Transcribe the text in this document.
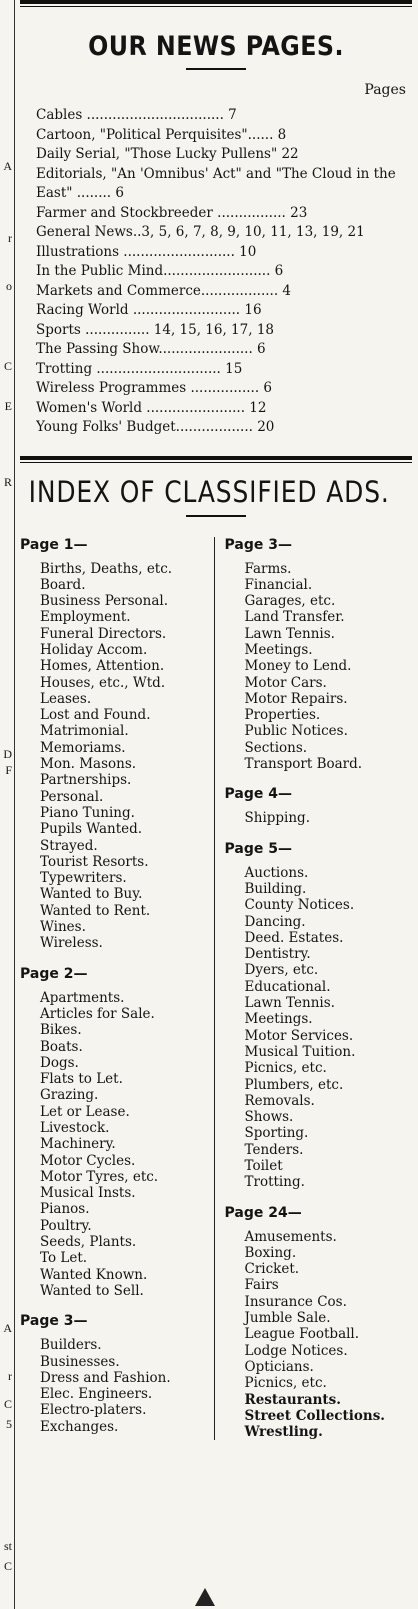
A
r
o
C
E
R
D
F
A
r
C
5
st
C
OUR NEWS PAGES.
Pages
Cables ................................ 7
Cartoon, "Political Perquisites"...... 8
Daily Serial, "Those Lucky Pullens" 22
Editorials, "An 'Omnibus' Act" and "The Cloud in the East" ........ 6
Farmer and Stockbreeder ................ 23
General News..3, 5, 6, 7, 8, 9, 10, 11, 13, 19, 21
Illustrations .......................... 10
In the Public Mind......................... 6
Markets and Commerce.................. 4
Racing World ......................... 16
Sports ............... 14, 15, 16, 17, 18
The Passing Show...................... 6
Trotting ............................. 15
Wireless Programmes ................ 6
Women's World ....................... 12
Young Folks' Budget.................. 20
INDEX OF CLASSIFIED ADS.
Page 1—
Births, Deaths, etc.
Board.
Business Personal.
Employment.
Funeral Directors.
Holiday Accom.
Homes, Attention.
Houses, etc., Wtd.
Leases.
Lost and Found.
Matrimonial.
Memoriams.
Mon. Masons.
Partnerships.
Personal.
Piano Tuning.
Pupils Wanted.
Strayed.
Tourist Resorts.
Typewriters.
Wanted to Buy.
Wanted to Rent.
Wines.
Wireless.
Page 2—
Apartments.
Articles for Sale.
Bikes.
Boats.
Dogs.
Flats to Let.
Grazing.
Let or Lease.
Livestock.
Machinery.
Motor Cycles.
Motor Tyres, etc.
Musical Insts.
Pianos.
Poultry.
Seeds, Plants.
To Let.
Wanted Known.
Wanted to Sell.
Page 3—
Builders.
Businesses.
Dress and Fashion.
Elec. Engineers.
Electro-platers.
Exchanges.
Page 3—
Farms.
Financial.
Garages, etc.
Land Transfer.
Lawn Tennis.
Meetings.
Money to Lend.
Motor Cars.
Motor Repairs.
Properties.
Public Notices.
Sections.
Transport Board.
Page 4—
Shipping.
Page 5—
Auctions.
Building.
County Notices.
Dancing.
Deed. Estates.
Dentistry.
Dyers, etc.
Educational.
Lawn Tennis.
Meetings.
Motor Services.
Musical Tuition.
Picnics, etc.
Plumbers, etc.
Removals.
Shows.
Sporting.
Tenders.
Toilet
Trotting.
Page 24—
Amusements.
Boxing.
Cricket.
Fairs
Insurance Cos.
Jumble Sale.
League Football.
Lodge Notices.
Opticians.
Picnics, etc.
Restaurants.
Street Collections.
Wrestling.
